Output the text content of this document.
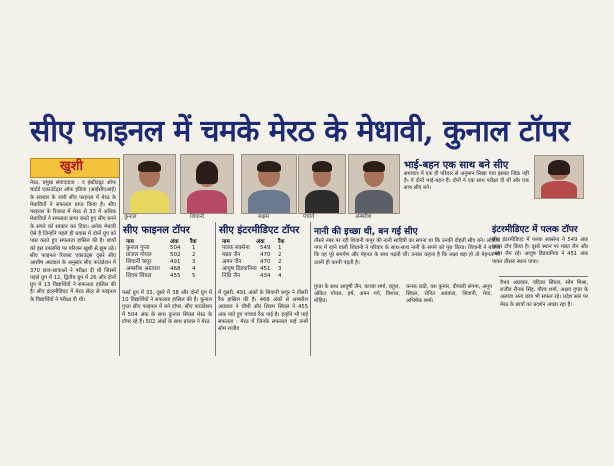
सीए फाइनल में चमके मेरठ के मेधावी, कुनाल टॉपर
खुशी
मेरठ, प्रमुख संवाददाता : द इंस्टीट्यूट ऑफ चार्टर्ड एकाउंटेंट्स ऑफ इंडिया (आईसीएआई) के सत्रवार के जारी सीए फाइनल में मेरठ के मेधावियों ने सफलता प्राप्त किया है। सीए फाइनल के रिजल्ट में मेरठ से 33 में अधिक मेधावियों ने सफलता प्राप्त करते हुए सीए बनने के सपने को साकार कर दिया। अनेक मेधावी ऐसे हैं जिन्होंने पहले ही प्रयास में दोनों ग्रुप को पास करते हुए सफलता हासिल की है। छात्रों को इस उपलब्धि पर परिजन खुशी से झूम उठे। सीए फाइनल रिजल्ट एकाउंट्स दूसरे सीए आशीष अग्रवाल के अनुसार सीए फाउंडेशन में 370 छात्र-छात्राओं ने परीक्षा दी थी जिसमें पहले ग्रुप में 12, द्वितीय ग्रुप में 26 और दोनों ग्रुप में 13 विद्यार्थियों ने सफलता हासिल की है। सीए इंटरमीडिएट में मेरठ सेंटर से फाइनल के विद्यार्थियों ने परीक्षा दी थी।
कुनाल	शिवानी	सक्षम	पंचार्य	अम्बरीश
सीए फाइनल टॉपर
नाम	अंक रैंक
कुनाल गुप्ता	504 1
प्रांजल गोयल	502 2
शिवानी कपूर	491 3
अम्बरीश अग्रवाल 468 4
शिवम सिंघल	455 5
फर्स्ट ग्रुप में 33, दूसरे में 38 और दोनों ग्रुप में 10 विद्यार्थियों ने सफलता हासिल की है। कुनाल गुप्ता सीए फाइनल में बने टॉपर: सीए फाउंडेशन में 504 अंक के साथ कुनाल सिंघल मेरठ के टॉपर रहे हैं। 502 अंकों के साथ प्रांजल ने मेरठ
सीए इंटरमीडिएट टॉपर
नाम	अंक रैंक
पलक सक्सेना 549 1
मन्नत जैन	470 2
अमन जैन	470 2
आयुष डिडवानिया 451 3
निधि जैन	434 4
में दूसरी, 491 अंकों के शिवानी कपूर ने तीसरी रैंक हासिल की है। 468 अंकों से अम्बरीश अग्रवाल ने चौथी और शिवम सिंघल ने 455 अंक पाते हुए पांचवां रैंक पाई है। इन्होंने भी पाई सफलता : मेरठ में जिनके सफलता पाई उनमें सोम राजीव
नानी की इच्छा थी, बन गई सीए
तीसरे नंबर पर रही शिवानी कपूर की नानी सावित्री का सपना था कि उनकी दोहती सीए बने। लोहिया नगर में रहने वाली शिवानी ने परिवार के साथ-साथ नानी के सपने को पूरा किया। शिवानी ने बताया कि वह पूरे समर्पण और मेहनत के साथ पढ़ती थीं। उनका कहना है कि लक्ष्य बड़ा हो तो मेहनत भी उतनी ही करनी पड़ती है।
गुप्ता के साथ आयुषी जैन, काव्या शर्मा, राहुल, अंकित गोयल, हर्ष, अमन गर्ग, विशाल, मोहित।
कनक राठी, यश कुमार, दीपाली संगमा, अनूप सिंघल, रोनित अग्रवाल, शिवानी, मेघा, अभिषेक शर्मा।
भाई-बहन एक साथ बने सीए
समाचार में एक ही परिवार से अनुमान लिखा गया इसका जिक्र नहीं है। ये दोनों भाई-बहन हैं। दोनों ने एक साथ परीक्षा दी थी और एक साथ सीए बने।
इंटरमीडिएट में पलक टॉपर
सीए इंटरमीडिएट में पलक सक्सेना ने 549 अंक पाकर टॉप किया है। दूसरे स्थान पर मन्नत जैन और अमन जैन रहे। आयुष डिडवानिया ने 451 अंक पाकर तीसरा स्थान पाया।
वैभव अग्रवाल, वंदिका सिंघल, सोम मिश्रा, राजीव रौनक सिंह, गौरव शर्मा, अक्षय गुप्ता के अलावा अन्य छात्र भी सफल रहे। प्रदेश स्तर पर मेरठ के छात्रों का प्रदर्शन अच्छा रहा है।
